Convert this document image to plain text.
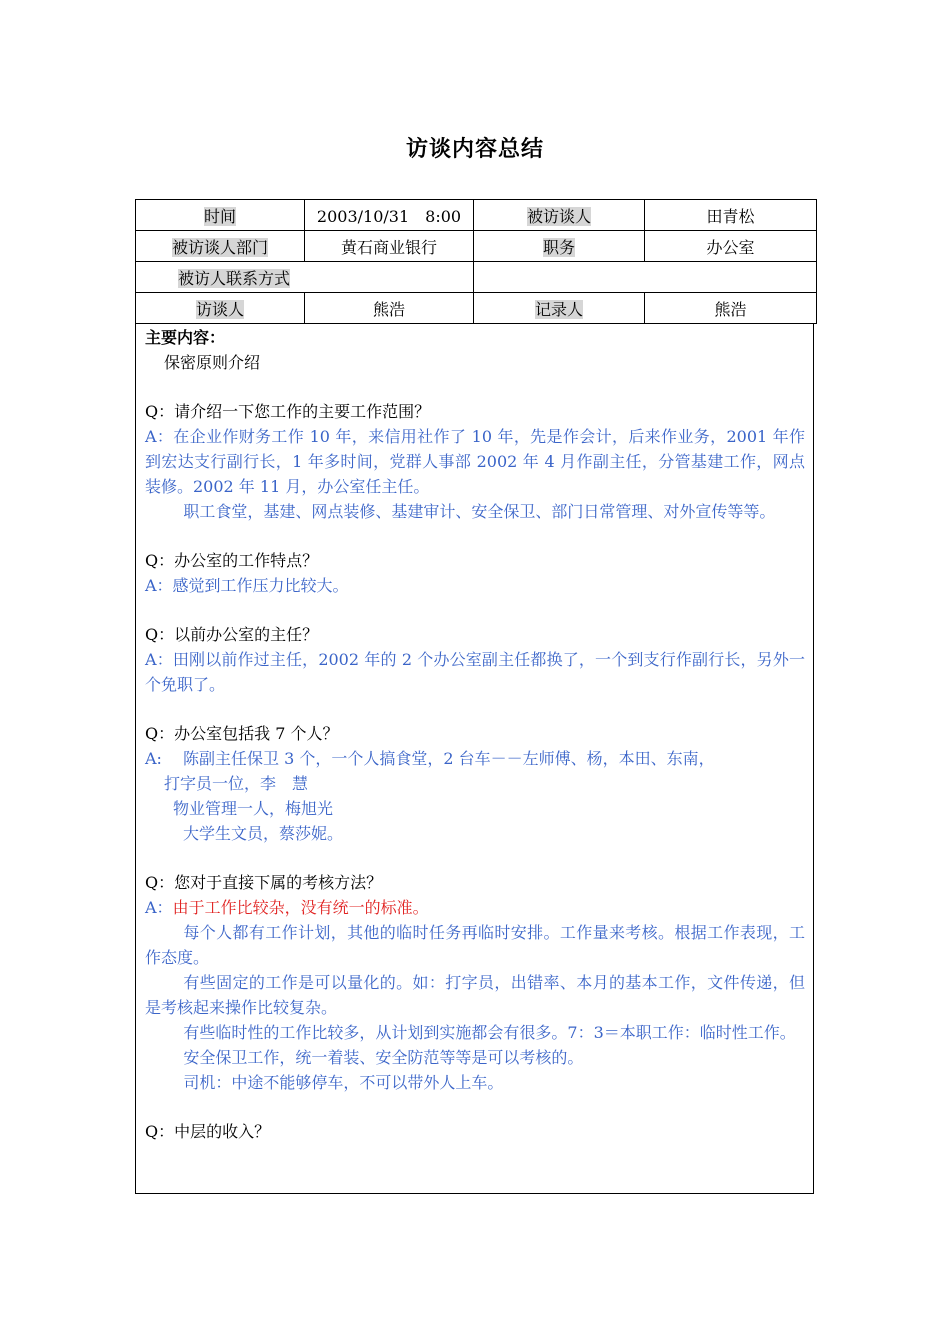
访谈内容总结
时间	2003/10/31　8:00	被访谈人	田青松
被访谈人部门	黄石商业银行	职务	办公室
被访人联系方式			
访谈人	熊浩	记录人	熊浩

主要内容：

保密原则介绍

Q：请介绍一下您工作的主要工作范围？

A：在企业作财务工作 10 年，来信用社作了 10 年，先是作会计，后来作业务，2001 年作到宏达支行副行长，1 年多时间，党群人事部 2002 年 4 月作副主任，分管基建工作，网点装修。2002 年 11 月，办公室任主任。

职工食堂，基建、网点装修、基建审计、安全保卫、部门日常管理、对外宣传等等。

Q：办公室的工作特点？

A：感觉到工作压力比较大。

Q：以前办公室的主任？

A：田刚以前作过主任，2002 年的 2 个办公室副主任都换了，一个到支行作副行长，另外一个免职了。

Q：办公室包括我 7 个人？

A:　 陈副主任保卫 3 个，一个人搞食堂，2 台车－－左师傅、杨，本田、东南，

打字员一位，李　慧

物业管理一人，梅旭光

大学生文员，蔡莎妮。

Q：您对于直接下属的考核方法？

A：由于工作比较杂，没有统一的标准。

每个人都有工作计划，其他的临时任务再临时安排。工作量来考核。根据工作表现，工作态度。

有些固定的工作是可以量化的。如：打字员，出错率、本月的基本工作，文件传递，但是考核起来操作比较复杂。

有些临时性的工作比较多，从计划到实施都会有很多。7：3＝本职工作：临时性工作。

安全保卫工作，统一着装、安全防范等等是可以考核的。

司机：中途不能够停车，不可以带外人上车。

Q：中层的收入？
